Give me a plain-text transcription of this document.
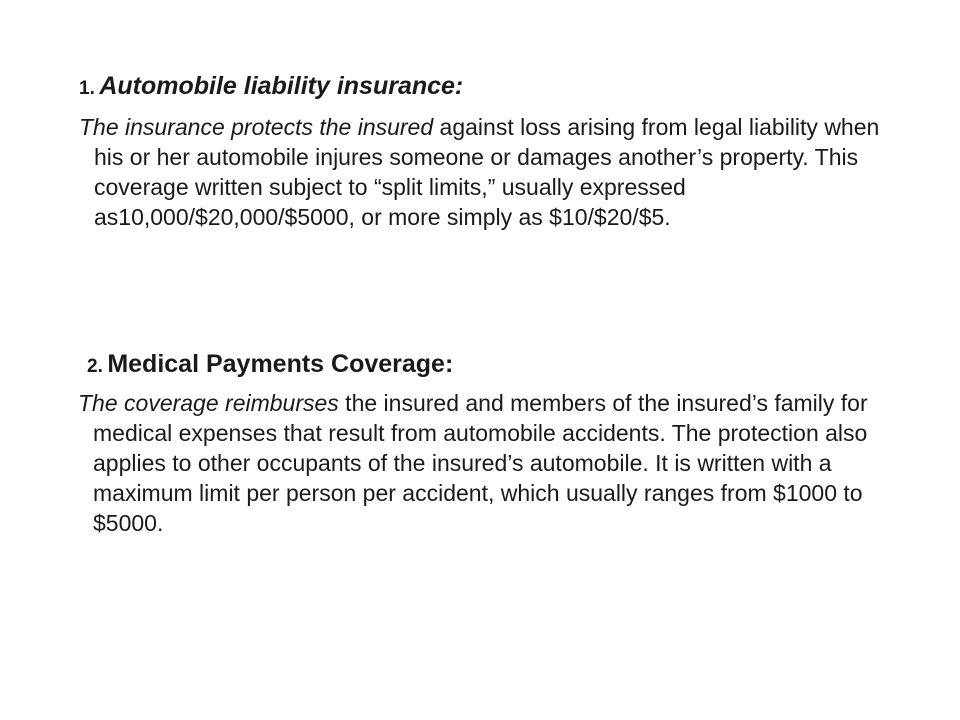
1. Automobile liability insurance:

The insurance protects the insured against loss arising from legal liability when his or her automobile injures someone or damages another’s property. This coverage written subject to “split limits,” usually expressed as10,000/$20,000/$5000, or more simply as $10/$20/$5.

2. Medical Payments Coverage:

The coverage reimburses the insured and members of the insured’s family for medical expenses that result from automobile accidents. The protection also applies to other occupants of the insured’s automobile. It is written with a maximum limit per person per accident, which usually ranges from $1000 to $5000.
